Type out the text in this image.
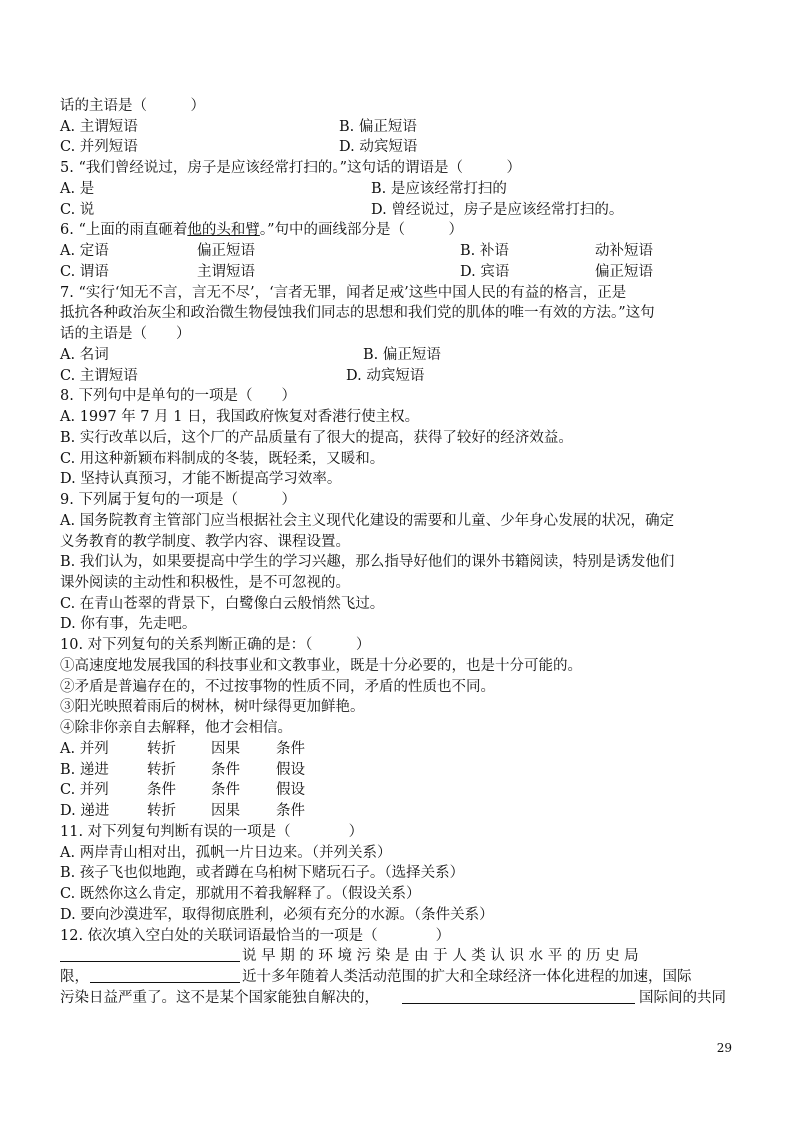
话的主语是（　　　）
A. 主谓短语	B. 偏正短语
C. 并列短语	D. 动宾短语
5. “我们曾经说过，房子是应该经常打扫的。”这句话的谓语是（　　　）
A. 是	B. 是应该经常打扫的
C. 说	D. 曾经说过，房子是应该经常打扫的。
6. “上面的雨直砸着他的头和臂。”句中的画线部分是（　　　）
A. 定语	偏正短语	B. 补语	动补短语
C. 谓语	主谓短语	D. 宾语	偏正短语
7. “实行‘知无不言，言无不尽’，‘言者无罪，闻者足戒’这些中国人民的有益的格言，正是
抵抗各种政治灰尘和政治微生物侵蚀我们同志的思想和我们党的肌体的唯一有效的方法。”这句
话的主语是（　　）
A. 名词	B. 偏正短语
C. 主谓短语	D. 动宾短语
8. 下列句中是单句的一项是（　　）
A. 1997 年 7 月 1 日，我国政府恢复对香港行使主权。
B. 实行改革以后，这个厂的产品质量有了很大的提高，获得了较好的经济效益。
C. 用这种新颖布料制成的冬装，既轻柔，又暖和。
D. 坚持认真预习，才能不断提高学习效率。
9. 下列属于复句的一项是（　　　）
A. 国务院教育主管部门应当根据社会主义现代化建设的需要和儿童、少年身心发展的状况，确定
义务教育的教学制度、教学内容、课程设置。
B. 我们认为，如果要提高中学生的学习兴趣，那么指导好他们的课外书籍阅读，特别是诱发他们
课外阅读的主动性和积极性，是不可忽视的。
C. 在青山苍翠的背景下，白鹭像白云般悄然飞过。
D. 你有事，先走吧。
10. 对下列复句的关系判断正确的是：（　　　）
①高速度地发展我国的科技事业和文教事业，既是十分必要的，也是十分可能的。
②矛盾是普遍存在的，不过按事物的性质不同，矛盾的性质也不同。
③阳光映照着雨后的树林，树叶绿得更加鲜艳。
④除非你亲自去解释，他才会相信。
A. 并列	转折 因果 条件
B. 递进	转折 条件 假设
C. 并列	条件 条件 假设
D. 递进	转折 因果 条件
11. 对下列复句判断有误的一项是（　　　　）
A. 两岸青山相对出，孤帆一片日边来。（并列关系）
B. 孩子飞也似地跑，或者蹲在乌桕树下赌玩石子。（选择关系）
C. 既然你这么肯定，那就用不着我解释了。（假设关系）
D. 要向沙漠进军，取得彻底胜利，必须有充分的水源。（条件关系）
12. 依次填入空白处的关联词语最恰当的一项是（　　　　）
说 早 期 的 环 境 污 染 是 由 于 人 类 认 识 水 平 的 历 史 局
限，	近十多年随着人类活动范围的扩大和全球经济一体化进程的加速，国际
污染日益严重了。这不是某个国家能独自解决的，	国际间的共同
29
